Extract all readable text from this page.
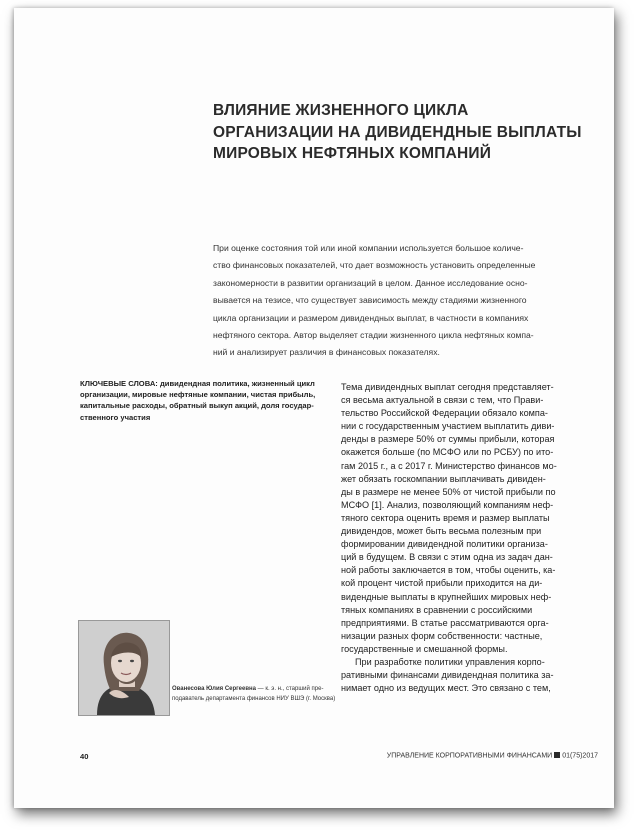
ВЛИЯНИЕ ЖИЗНЕННОГО ЦИКЛА
ОРГАНИЗАЦИИ НА ДИВИДЕНДНЫЕ ВЫПЛАТЫ
МИРОВЫХ НЕФТЯНЫХ КОМПАНИЙ

При оценке состояния той или иной компании используется большое количе-
ство финансовых показателей, что дает возможность установить определенные
закономерности в развитии организаций в целом. Данное исследование осно-
вывается на тезисе, что существует зависимость между стадиями жизненного
цикла организации и размером дивидендных выплат, в частности в компаниях
нефтяного сектора. Автор выделяет стадии жизненного цикла нефтяных компа-
ний и анализирует различия в финансовых показателях.

КЛЮЧЕВЫЕ СЛОВА: дивидендная политика, жизненный цикл
организации, мировые нефтяные компании, чистая прибыль,
капитальные расходы, обратный выкуп акций, доля государ-
ственного участия

Тема дивидендных выплат сегодня представляет-
ся весьма актуальной в связи с тем, что Прави-
тельство Российской Федерации обязало компа-
нии с государственным участием выплатить диви-
денды в размере 50% от суммы прибыли, которая
окажется больше (по МСФО или по РСБУ) по ито-
гам 2015 г., а с 2017 г. Министерство финансов мо-
жет обязать госкомпании выплачивать дивиден-
ды в размере не менее 50% от чистой прибыли по
МСФО [1]. Анализ, позволяющий компаниям неф-
тяного сектора оценить время и размер выплаты
дивидендов, может быть весьма полезным при
формировании дивидендной политики организа-
ций в будущем. В связи с этим одна из задач дан-
ной работы заключается в том, чтобы оценить, ка-
кой процент чистой прибыли приходится на ди-
видендные выплаты в крупнейших мировых неф-
тяных компаниях в сравнении с российскими
предприятиями. В статье рассматриваются орга-
низации разных форм собственности: частные,
государственные и смешанной формы.
При разработке политики управления корпо-
ративными финансами дивидендная политика за-
нимает одно из ведущих мест. Это связано с тем,

Ованесова Юлия Сергеевна — к. э. н., старший пре-
подаватель департамента финансов НИУ ВШЭ (г. Москва)

40	УПРАВЛЕНИЕ КОРПОРАТИВНЫМИ ФИНАНСАМИ 01(75)2017
